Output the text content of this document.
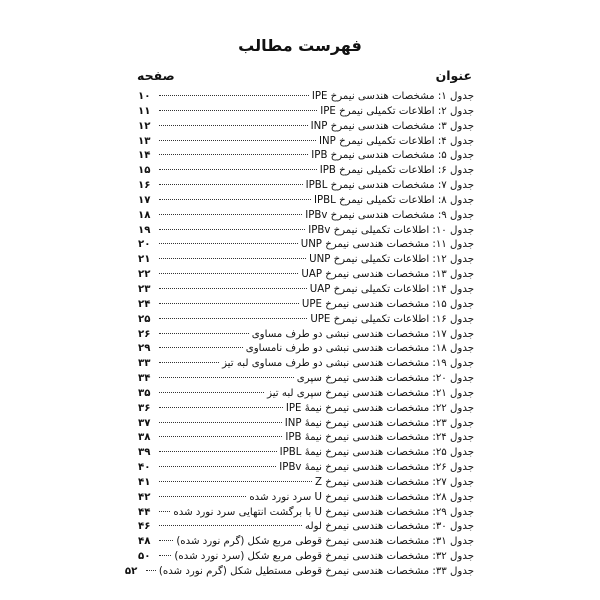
فهرست مطالب
عنوان
صفحه
جدول ۱: مشخصات هندسی نیمرخ IPE
۱۰
جدول ۲: اطلاعات تکمیلی نیمرخ IPE
۱۱
جدول ۳: مشخصات هندسی نیمرخ INP
۱۲
جدول ۴: اطلاعات تکمیلی نیمرخ INP
۱۳
جدول ۵: مشخصات هندسی نیمرخ IPB
۱۴
جدول ۶: اطلاعات تکمیلی نیمرخ IPB
۱۵
جدول ۷: مشخصات هندسی نیمرخ IPBL
۱۶
جدول ۸: اطلاعات تکمیلی نیمرخ IPBL
۱۷
جدول ۹: مشخصات هندسی نیمرخ IPBv
۱۸
جدول ۱۰: اطلاعات تکمیلی نیمرخ IPBv
۱۹
جدول ۱۱: مشخصات هندسی نیمرخ UNP
۲۰
جدول ۱۲: اطلاعات تکمیلی نیمرخ UNP
۲۱
جدول ۱۳: مشخصات هندسی نیمرخ UAP
۲۲
جدول ۱۴: اطلاعات تکمیلی نیمرخ UAP
۲۳
جدول ۱۵: مشخصات هندسی نیمرخ UPE
۲۴
جدول ۱۶: اطلاعات تکمیلی نیمرخ UPE
۲۵
جدول ۱۷: مشخصات هندسی نبشی دو طرف مساوی
۲۶
جدول ۱۸: مشخصات هندسی نبشی دو طرف نامساوی
۲۹
جدول ۱۹: مشخصات هندسی نبشی دو طرف مساوی لبه تیز
۳۳
جدول ۲۰: مشخصات هندسی نیمرخ سپری
۳۴
جدول ۲۱: مشخصات هندسی نیمرخ سپری لبه تیز
۳۵
جدول ۲۲: مشخصات هندسی نیمرخ نیمهٔ IPE
۳۶
جدول ۲۳: مشخصات هندسی نیمرخ نیمهٔ INP
۳۷
جدول ۲۴: مشخصات هندسی نیمرخ نیمهٔ IPB
۳۸
جدول ۲۵: مشخصات هندسی نیمرخ نیمهٔ IPBL
۳۹
جدول ۲۶: مشخصات هندسی نیمرخ نیمهٔ IPBv
۴۰
جدول ۲۷: مشخصات هندسی نیمرخ Z
۴۱
جدول ۲۸: مشخصات هندسی نیمرخ U سرد نورد شده
۴۲
جدول ۲۹: مشخصات هندسی نیمرخ U با برگشت انتهایی سرد نورد شده
۴۴
جدول ۳۰: مشخصات هندسی نیمرخ لوله
۴۶
جدول ۳۱: مشخصات هندسی نیمرخ قوطی مربع شکل (گرم نورد شده)
۴۸
جدول ۳۲: مشخصات هندسی نیمرخ قوطی مربع شکل (سرد نورد شده)
۵۰
جدول ۳۳: مشخصات هندسی نیمرخ قوطی مستطیل شکل (گرم نورد شده)
۵۲
